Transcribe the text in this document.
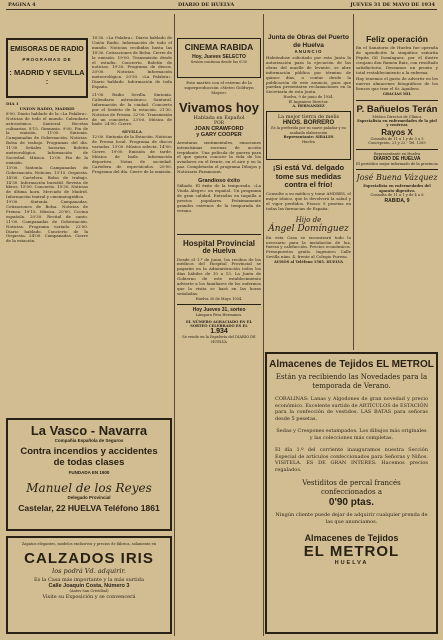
PAGINA 4	DIARIO DE HUELVA	JUEVES 31 DE MAYO DE 1934
EMISORAS DE RADIO
PROGRAMAS DE
: MADRID Y SEVILLA :
DIA 1
UNION RADIO, MADRID

8'00. Diario hablado de la «La Palabra». Noticias de todo el mundo. Calendario astronómico. Santoral. Recetas culinarias. 8'15. Gimnasia. 9'00. Fin de la emisión. 11'00. Sintonía. Campanadas de Gobernación. Noticias. Bolsa de trabajo. Programas del día. 11'30. Señales horarias. Boletín meteorológico. Información de Sociedad. Música. 12'00. Fin de la emisión.

13'00. Sintonía. Campanadas de Gobernación. Noticias. 13'15. Orquesta. 14'00. Cartelera. Bolsa de trabajo. 14'30. Información bursátil. Revista de libros. 15'00. Concierto. 15'30. Noticias de última hora. Mercado de Madrid. Información teatral y cinematográfica.

19'00. Sintonía. Campanadas. Cotizaciones de Bolsa. Noticias de Prensa. 19'15. Música. 20'00. Cocina española. 20'30. Recital de canto. 21'00. Campanadas de Gobernación. Noticias. Programa variado. 22'00. Diario hablado. Concierto de la Orquesta. 24'00. Campanadas. Cierre de la estación.

18'30. «La Palabra». Diario hablado de Unión Radio. Información de todo el mundo. Noticias recibidas hasta las 18'30. Cotizaciones de Bolsa. Cierre de la emisión. 19'00. Transmisión desde el estudio. Concierto. Boletín de noticias. 19'30. Programa de discos. 20'00. Noticias. Información meteorológica. 20'30. «La Palabra». Diario hablado. Información de toda España.

21'00. Radio Sevilla. Sintonía. Calendario astronómico. Santoral. Información de la ciudad. Concierto por el Sexteto de la estación. 21'30. Noticias de Prensa. 22'00. Transmisión de un concierto. 23'00. Música de baile. 24'00. Cierre.

SEVILLA

12'00. Sintonía de la Estación. Noticias de Prensa local. Programa de discos variados. 13'00. Música selecta. 14'00. Cierre. 19'00. Emisión de tarde. Música de baile. Información deportiva. Notas de sociedad. Cartelera de espectáculos. 20'00. Programa del día. Cierre de la emisión.

La Vasco - Navarra
Compañía Española de Seguros
Contra incendios y accidentes
de todas clases
FUNDADA EN 1900
Manuel de los Reyes
Delegado Provincial
Castelar, 22 HUELVA Teléfono 1861
Zapatos elegantes, modelos exclusivos y precios de fábrica, solamente en
CALZADOS IRIS
los podrá Vd. adquirir.
Es la Casa más importante y la más surtida
Calle Joaquín Costa, Número 3
(Antes San Cristóbal)
Visite su Exposición y se convencerá
CINEMA RABIDA
Hoy, Jueves SELECTO
Sesión continua desde las 6'30

Este martes con el estreno de la superproducción «Metro Goldwyn Mayer»

Vivamos hoy
Hablada en Español
POR
JOAN CRAWFORD
y GARY COOPER

Aventuras sentimentales, emociones intensísimas escenas de acción trepidante. Una película de guerra para el que quiera conocer la vida de los aviadores en el frente, en el aire y en la paz. Completarán el programa Dibujos y Noticiario Paramount.

Grandioso éxito

Sábado. El éxito de la temporada. «La Viuda Alegre» en español. Un programa de gran calidad. Entradas en taquilla a precios populares. Próximamente grandes estrenos de la temporada de verano.

Hospital Provincial
de Huelva

Desde el 1.º de junio, los recibos de los médicos del Hospital Provincial se pagarán en la Administración todos los días hábiles de 10 a 13. La Junta de Gobierno de este establecimiento advierte a los familiares de los enfermos que la visita se hará en las horas señaladas.

Huelva 30 de Mayo 1934.
Hoy Jueves 31, sorteo
Lámpara Pera Hermanos.
EL NÚMERO AGRACIADO EN EL SORTEO CELEBRADO ES EL
1.934
Se vende en la Papelería del DIARIO DE HUELVA
Junta de Obras del Puerto de Huelva
ANUNCIO

Habiéndose solicitado por esta Junta la autorización para la ejecución de las obras del muelle de levante, se abre información pública por término de quince días, a contar desde la publicación de este anuncio, para que puedan presentarse reclamaciones en la Secretaría de esta Junta.

Huelva, 9 de junio de 1934.
El Ingeniero Director.
A. HERNANDEZ
La mejor tierra de melis
HNOS. BORRERO
Es la preferida por su suave paladar y su acabada elaboración
Representante: SIRALES
Huelva
¡Si está Vd. delgado tome sus medidas contra el frío!

Consulte a su médico y tome ANDRES, el mejor tónico, que le devolverá la salud y el vigor perdidos. Frasco 5 pesetas en todas las farmacias de España.

Hijo de
Ángel Domínguez

En esta Casa se encontrará todo lo necesario para la instalación de luz, fuerza y calefacción. Precios económicos. Presupuestos gratis. Ingeniero Calle Sevilla núm. 4, frente al Colegio Pureza.

AVISOS al Teléfono 1585. HUELVA
Feliz operación

En el Sanatorio de Huelva fue operada de apendicitis la simpática señorita Pepita Gil Domínguez, por el ilustre cirujano don Ramón Ruiz, con resultado satisfactorio. Deseamos un pronto y total restablecimiento a la enferma.

Hay tenemos el gusto de advertir en los nuevos almacenes fotográficos de los lienzos que trae el Sr. Aguilera.

GRACIAS MIL
P. Bañuelos Terán
Médico Director de Clínica
Especialista en enfermedades de la piel y venéreas
Rayos X
Consulta de 11 a 1 y de 3 a 5
Concepción, 21 y 22 - Tel. 1289
Representante en Huelva
DIARIO DE HUELVA
El periódico mejor informado de la provincia
José Buena Vázquez
Especialista en enfermedades del aparato digestivo.
Consulta de 11 a 1 y de 4 a 6
RABIDA, 9
Almacenes de Tejidos EL METROL
Están ya recibiendo las Novedades para la temporada de Verano.

CORALINAS: Lanas y Algodones de gran novedad y precio económico. Excelente surtido de ARTÍCULOS de ESTACIÓN para la confección de vestidos. LAS BATAS para señoras desde 5 pesetas.

Sedas y Crespones estampados. Los dibujos más originales y las colecciones más completas.

El día 1.º del corriente inauguramos nuestra Sección Especial de artículos confeccionados para Señoras y Niños. VISITELA. ES DE GRAN INTERES. Hacemos precios regalados.

Vestiditos de percal francés confeccionados a
0'90 ptas.

Ningún cliente puede dejar de adquirir cualquier prenda de las que anunciamos.

Almacenes de Tejidos
EL METROL
HUELVA
